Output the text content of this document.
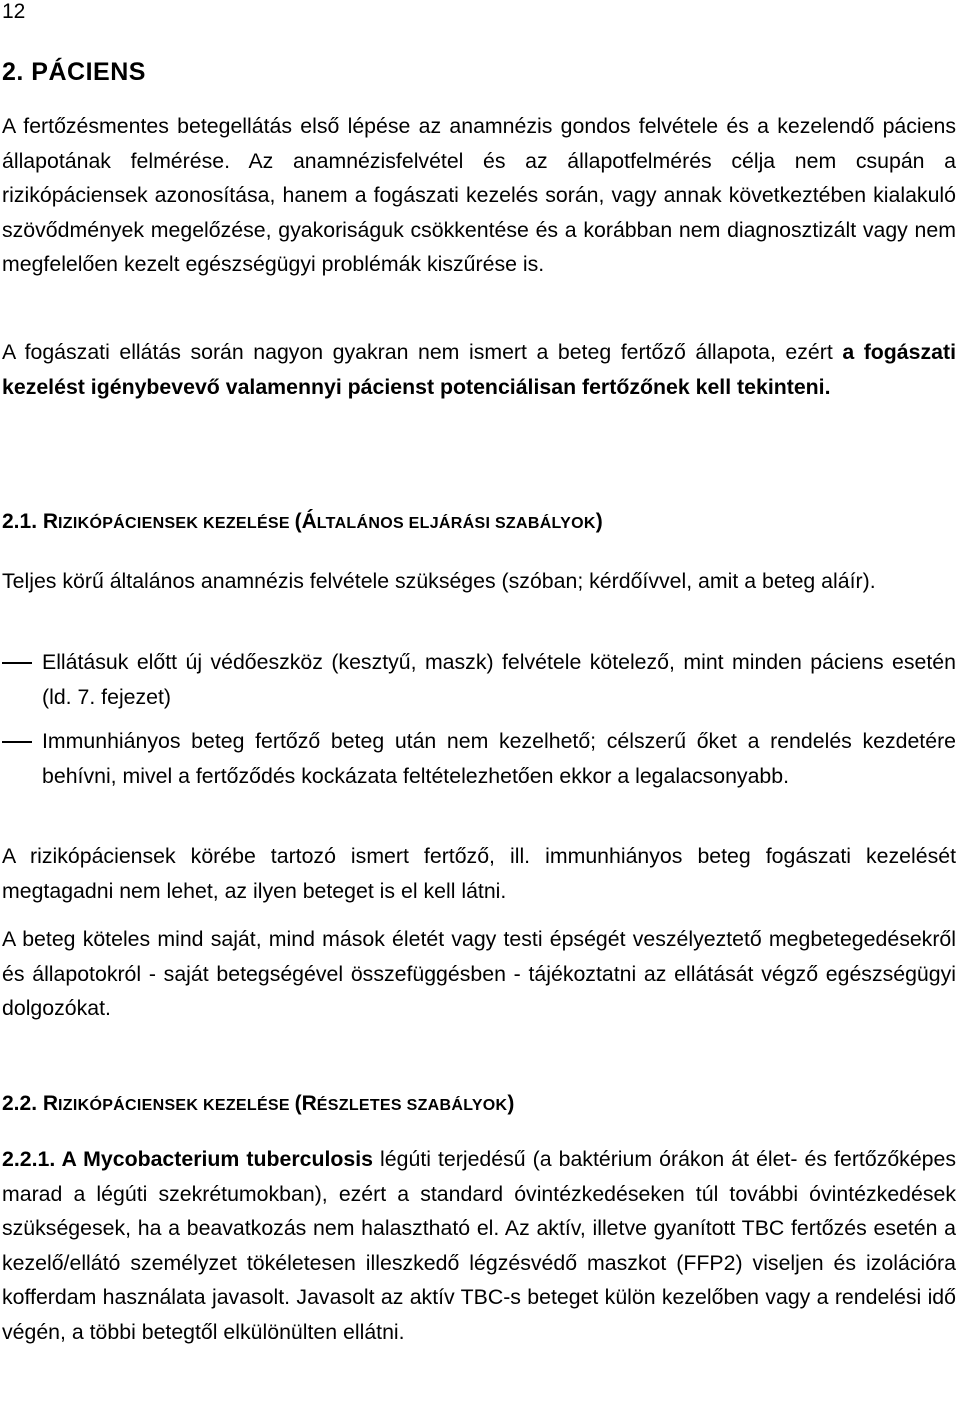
12
2. PÁCIENS
A fertőzésmentes betegellátás első lépése az anamnézis gondos felvétele és a kezelendő páciens állapotának felmérése. Az anamnézisfelvétel és az állapotfelmérés célja nem csupán a rizikópáciensek azonosítása, hanem a fogászati kezelés során, vagy annak következtében kialakuló szövődmények megelőzése, gyakoriságuk csökkentése és a korábban nem diagnosztizált vagy nem megfelelően kezelt egészségügyi problémák kiszűrése is.
A fogászati ellátás során nagyon gyakran nem ismert a beteg fertőző állapota, ezért a fogászati kezelést igénybevevő valamennyi pácienst potenciálisan fertőzőnek kell tekinteni.
2.1. RIZIKÓPÁCIENSEK KEZELÉSE (ÁLTALÁNOS ELJÁRÁSI SZABÁLYOK)
Teljes körű általános anamnézis felvétele szükséges (szóban; kérdőívvel, amit a beteg aláír).
Ellátásuk előtt új védőeszköz (kesztyű, maszk) felvétele kötelező, mint minden páciens esetén (ld. 7. fejezet)
Immunhiányos beteg fertőző beteg után nem kezelhető; célszerű őket a rendelés kezdetére behívni, mivel a fertőződés kockázata feltételezhetően ekkor a legalacsonyabb.
A rizikópáciensek körébe tartozó ismert fertőző, ill. immunhiányos beteg fogászati kezelését megtagadni nem lehet, az ilyen beteget is el kell látni.
A beteg köteles mind saját, mind mások életét vagy testi épségét veszélyeztető megbetegedésekről és állapotokról - saját betegségével összefüggésben - tájékoztatni az ellátását végző egészségügyi dolgozókat.
2.2. RIZIKÓPÁCIENSEK KEZELÉSE (RÉSZLETES SZABÁLYOK)
2.2.1. A Mycobacterium tuberculosis légúti terjedésű (a baktérium órákon át élet- és fertőzőképes marad a légúti szekrétumokban), ezért a standard óvintézkedéseken túl további óvintézkedések szükségesek, ha a beavatkozás nem halasztható el. Az aktív, illetve gyanított TBC fertőzés esetén a kezelő/ellátó személyzet tökéletesen illeszkedő légzésvédő maszkot (FFP2) viseljen és izolációra kofferdam használata javasolt. Javasolt az aktív TBC-s beteget külön kezelőben vagy a rendelési idő végén, a többi betegtől elkülönülten ellátni.
